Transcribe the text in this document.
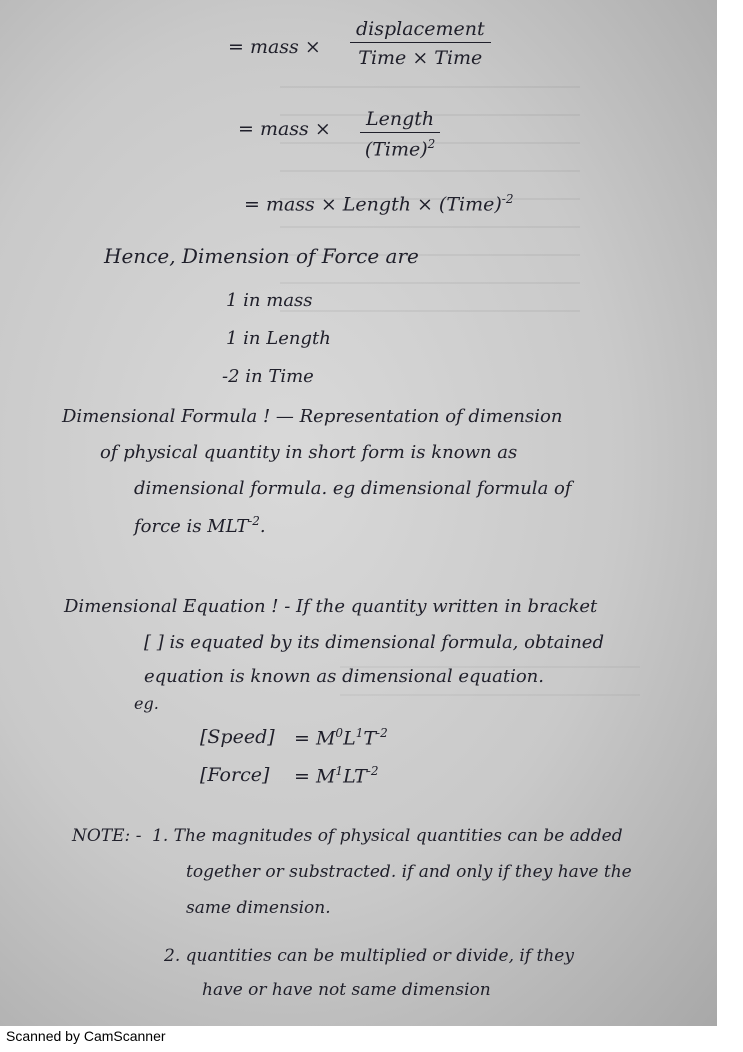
= mass ×
displacement
Time × Time
= mass ×	Length
(Time)$^2$
= mass × Length × (Time)$^{-2}$
Hence, Dimension of Force are
1 in mass
1 in Length
-2 in Time
Dimensional Formula ! — Representation of dimension
of physical quantity in short form is known as
dimensional formula. eg dimensional formula of
force is $MLT^{-2}$.
Dimensional Equation ! - If the quantity written in bracket
[ ] is equated by its dimensional formula, obtained
equation is known as dimensional equation.
eg.
[Speed] = $M^0L^1T^{-2}$
[Force] = $M^1LT^{-2}$
NOTE: - 1. The magnitudes of physical quantities can be added
together or substracted. if and only if they have the
same dimension.
2. quantities can be multiplied or divide, if they
have or have not same dimension
Scanned by CamScanner
